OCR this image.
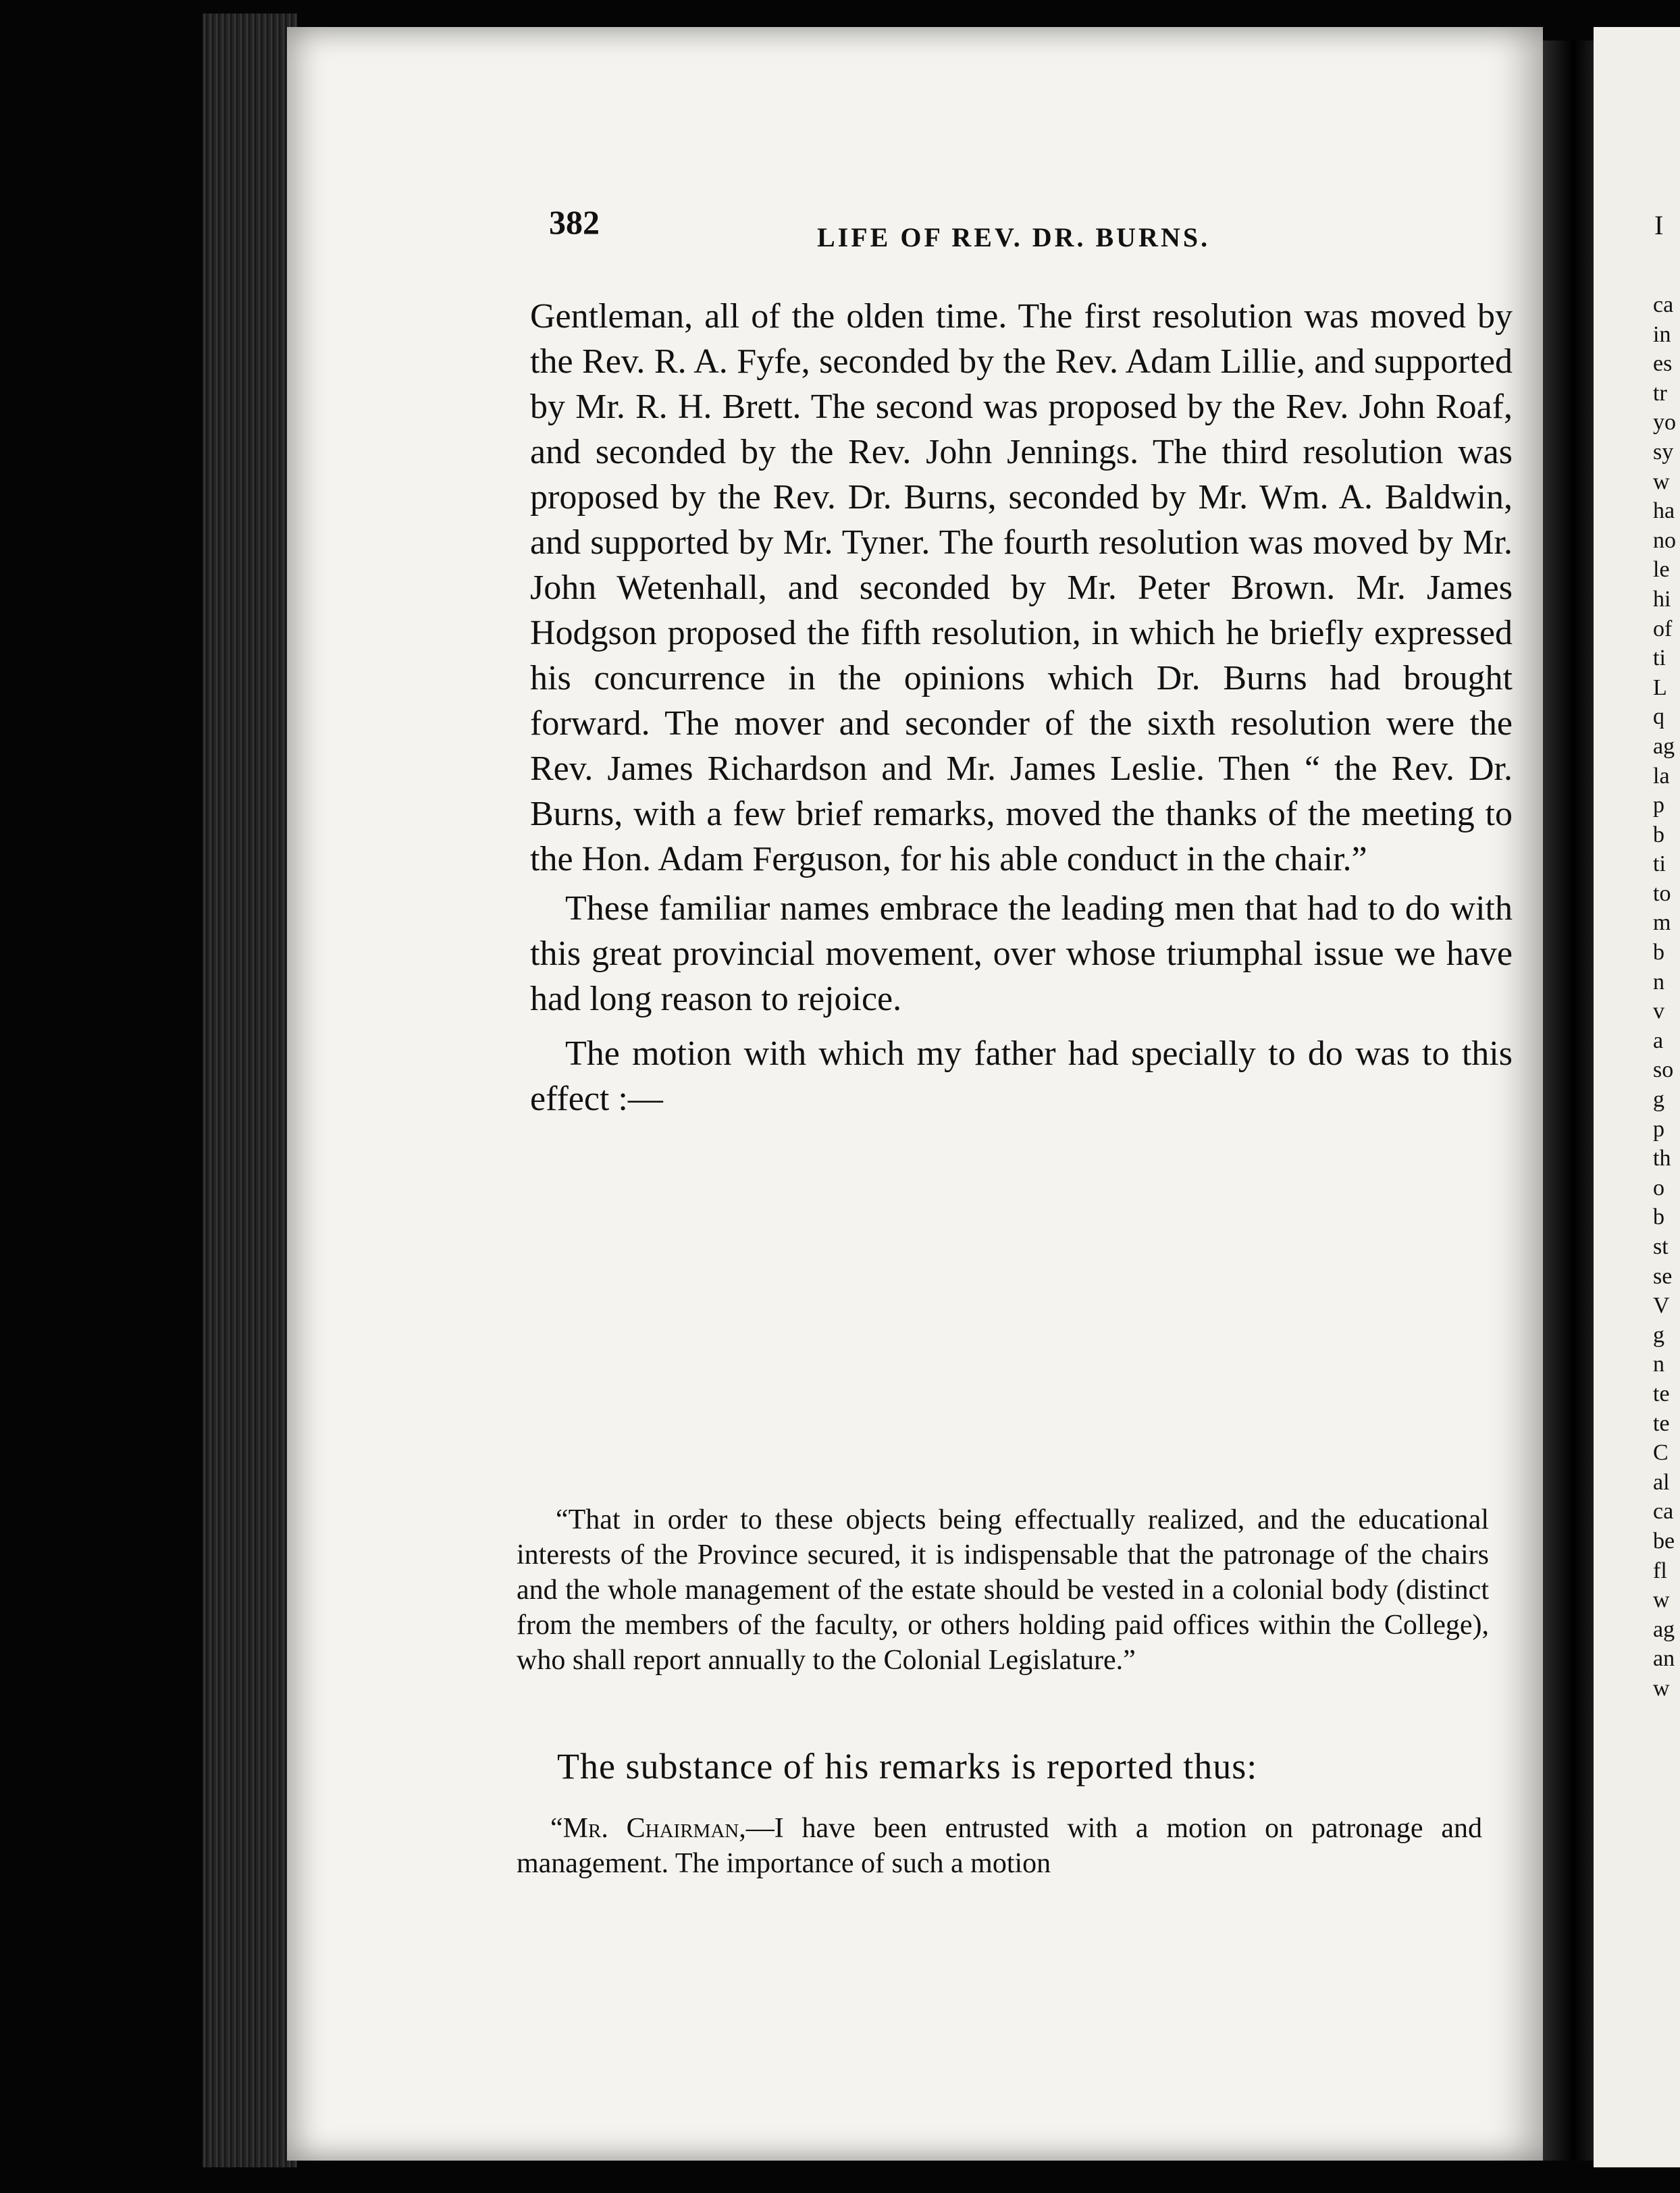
I
ca
in
es
tr
yo
sy
w
ha
no
le
hi
of
ti
L
q
ag
la
p
b
ti
to
m
b
n
v
a
so
g
p
th
o
b
st
se
V
g
n
te
te
C
al
ca
be
fl
w
ag
an
w
382	LIFE OF REV. DR. BURNS.

Gentleman, all of the olden time. The first resolution was moved by the Rev. R. A. Fyfe, seconded by the Rev. Adam Lillie, and supported by Mr. R. H. Brett. The second was proposed by the Rev. John Roaf, and seconded by the Rev. John Jennings. The third resolution was proposed by the Rev. Dr. Burns, seconded by Mr. Wm. A. Baldwin, and supported by Mr. Tyner. The fourth resolution was moved by Mr. John Wetenhall, and seconded by Mr. Peter Brown. Mr. James Hodgson proposed the fifth resolution, in which he briefly expressed his concurrence in the opinions which Dr. Burns had brought forward. The mover and seconder of the sixth resolution were the Rev. James Richardson and Mr. James Leslie. Then “ the Rev. Dr. Burns, with a few brief remarks, moved the thanks of the meeting to the Hon. Adam Ferguson, for his able conduct in the chair.”

These familiar names embrace the leading men that had to do with this great provincial movement, over whose triumphal issue we have had long reason to rejoice.

The motion with which my father had specially to do was to this effect :—

“That in order to these objects being effectually realized, and the educational interests of the Province secured, it is indispensable that the patronage of the chairs and the whole management of the estate should be vested in a colonial body (distinct from the members of the faculty, or others holding paid offices within the College), who shall report annually to the Colonial Legislature.”
The substance of his remarks is reported thus:
“Mr. Chairman,—I have been entrusted with a motion on patronage and management. The importance of such a motion
